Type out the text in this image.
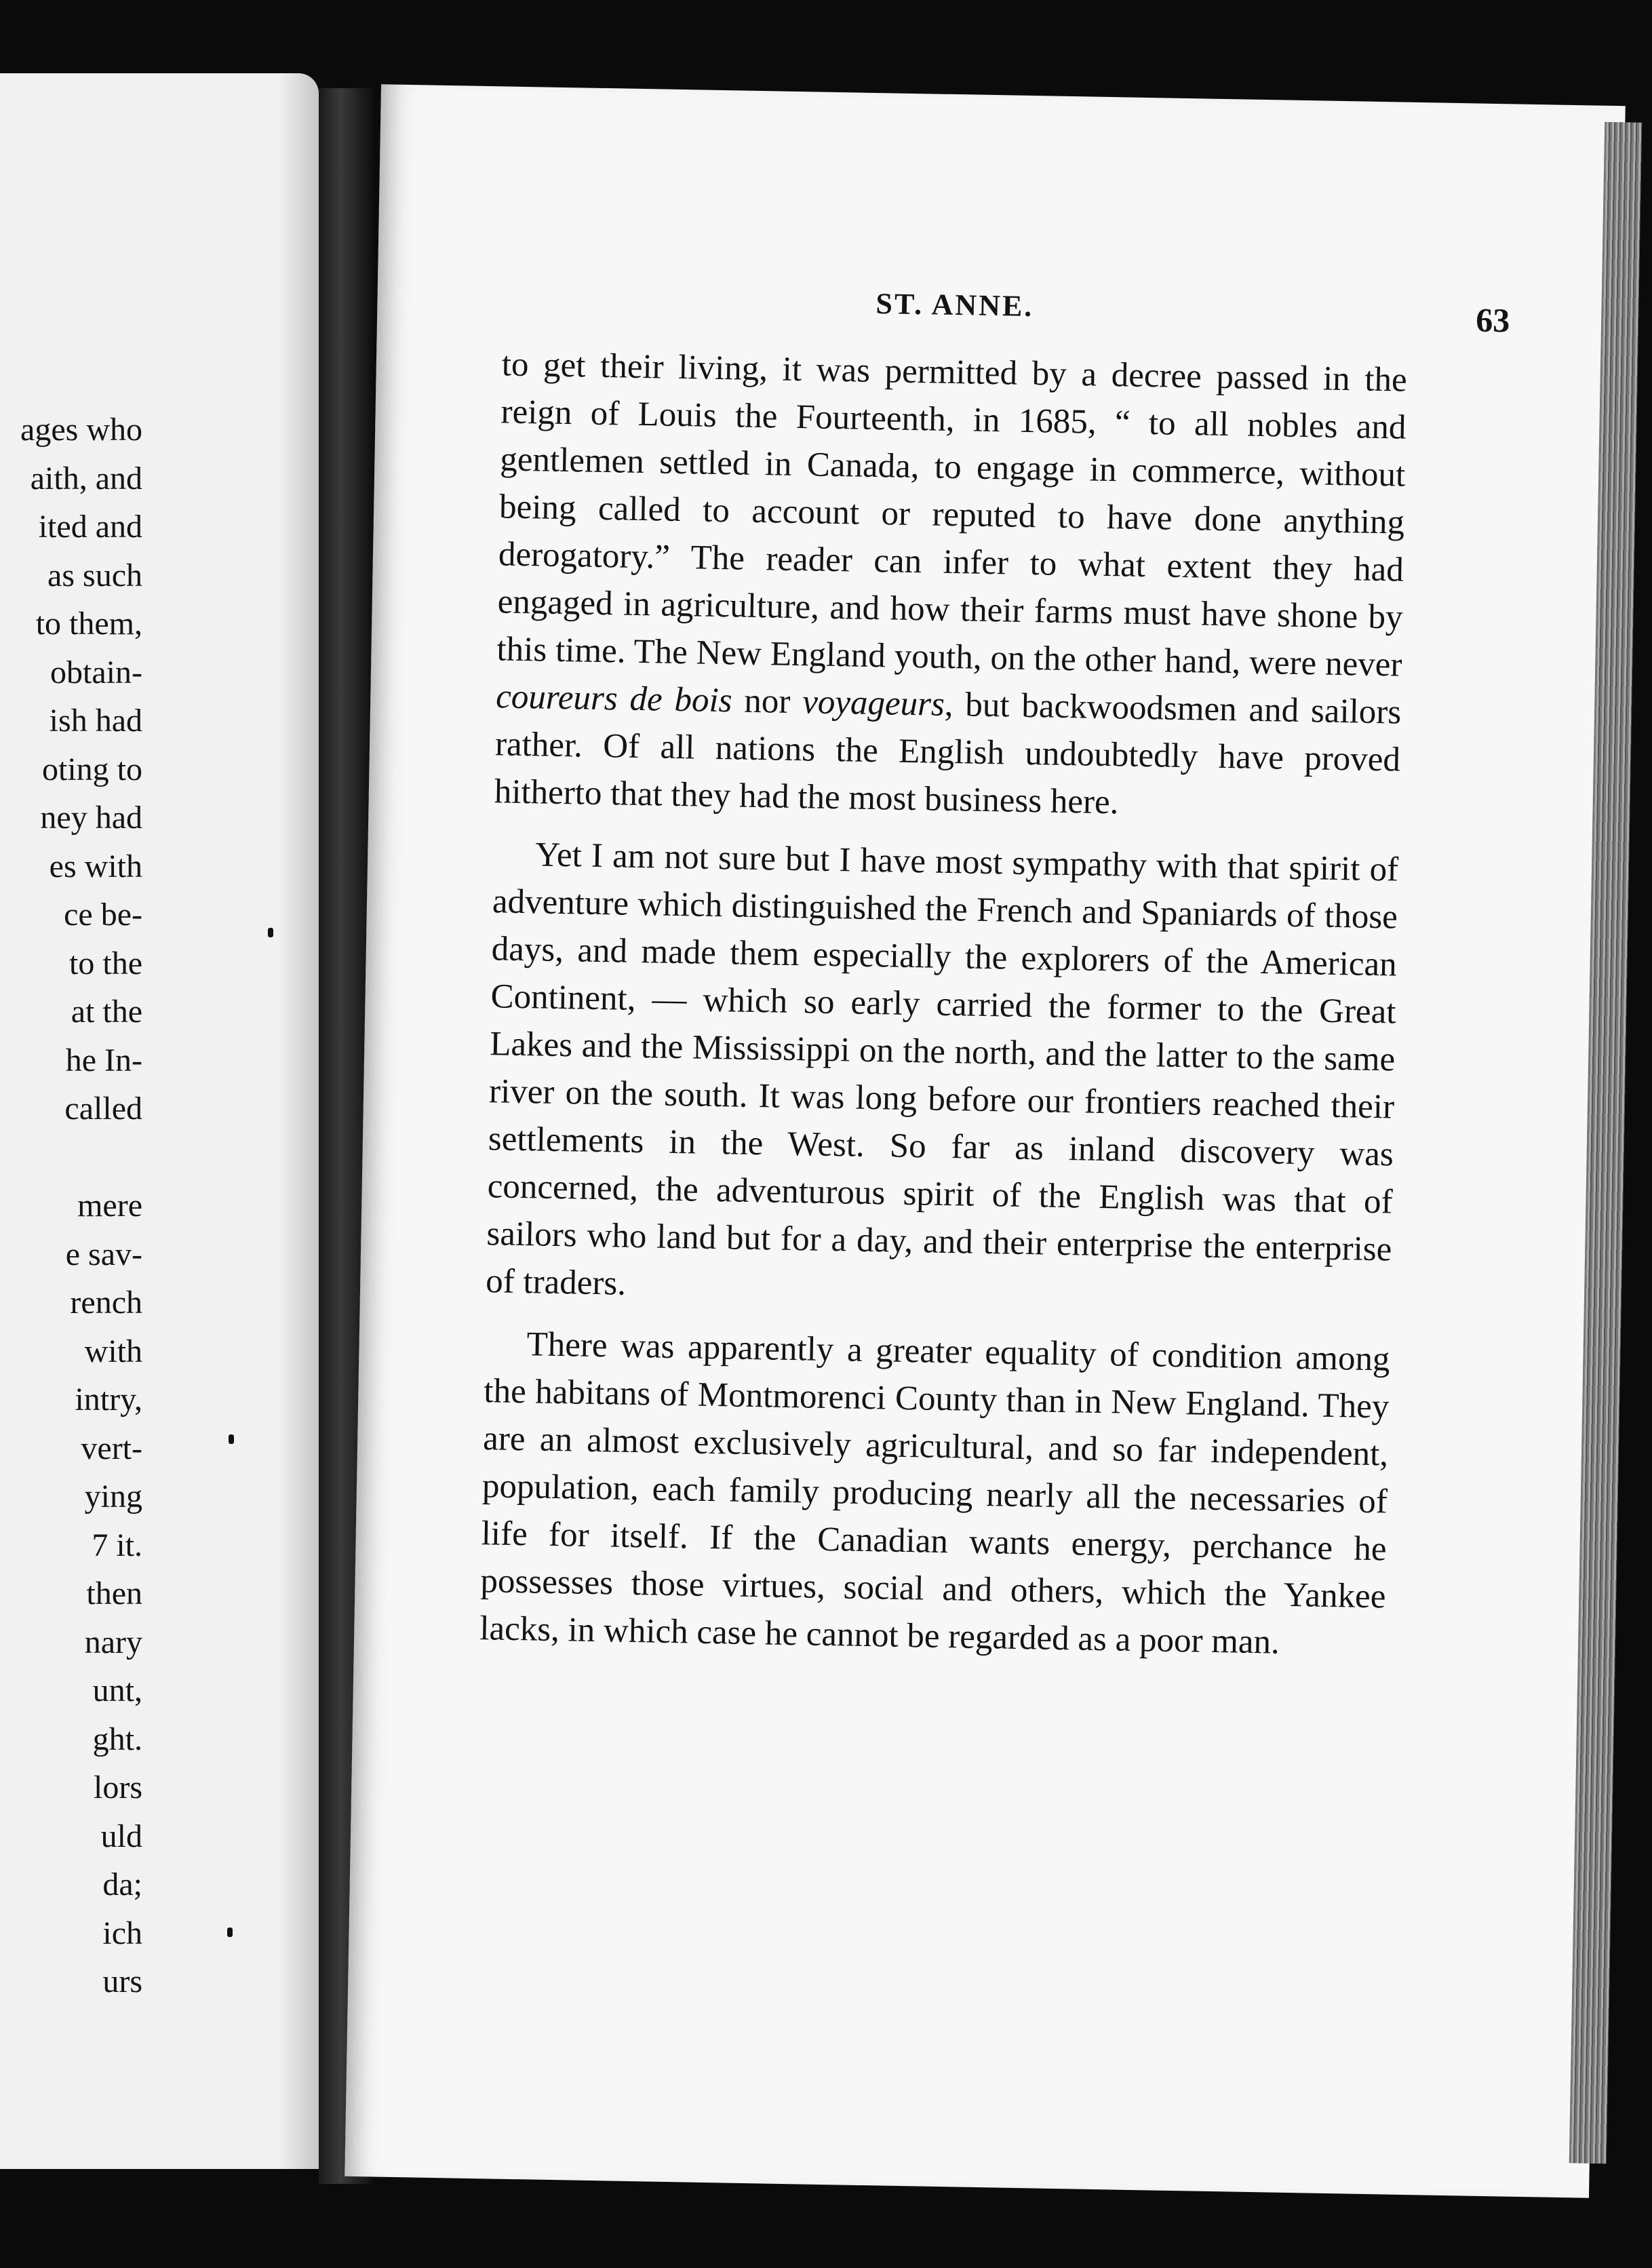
ages who
aith, and
ited and
as such
to them,
obtain-
ish had
oting to
ney had
es with
ce be-
to the
at the
he In-
called
mere
e sav-
rench
with
intry,
vert-
ying
7 it.
then
nary
unt,
ght.
lors
uld
da;
ich
urs
ST. ANNE.	63

to get their living, it was permitted by a decree passed in the reign of Louis the Fourteenth, in 1685, “ to all nobles and gentlemen settled in Canada, to engage in commerce, without being called to account or reputed to have done anything derogatory.” The reader can infer to what extent they had engaged in agriculture, and how their farms must have shone by this time. The New England youth, on the other hand, were never coureurs de bois nor voyageurs, but backwoodsmen and sailors rather. Of all nations the English undoubtedly have proved hitherto that they had the most business here.

Yet I am not sure but I have most sympathy with that spirit of adventure which distinguished the French and Spaniards of those days, and made them especially the explorers of the American Continent, — which so early carried the former to the Great Lakes and the Mississippi on the north, and the latter to the same river on the south. It was long before our frontiers reached their settlements in the West. So far as inland discovery was concerned, the adventurous spirit of the English was that of sailors who land but for a day, and their enterprise the enterprise of traders.

There was apparently a greater equality of condition among the habitans of Montmorenci County than in New England. They are an almost exclusively agricultural, and so far independent, population, each family producing nearly all the necessaries of life for itself. If the Canadian wants energy, perchance he possesses those virtues, social and others, which the Yankee lacks, in which case he cannot be regarded as a poor man.
